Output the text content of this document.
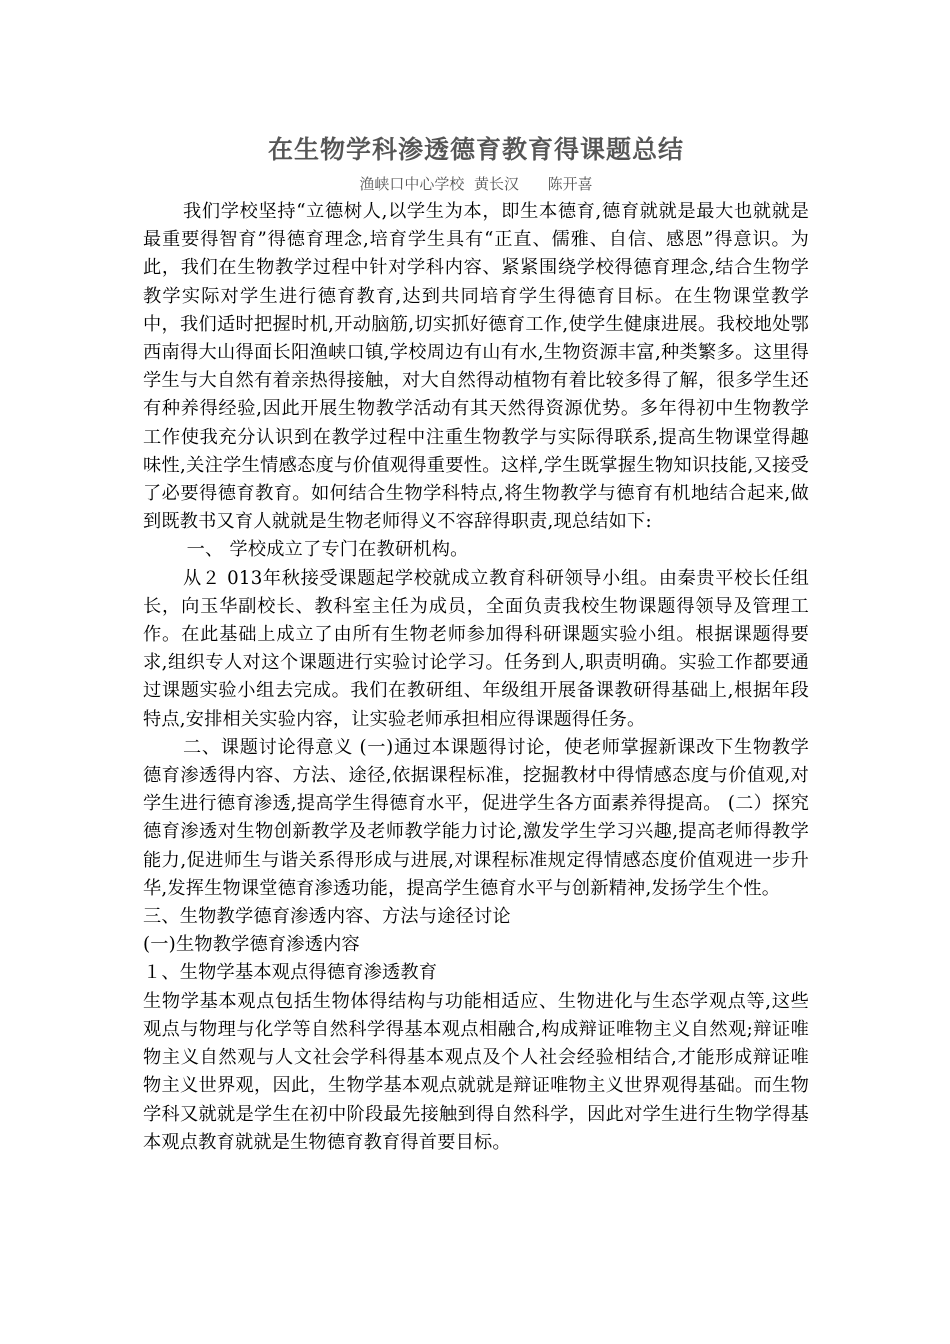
在生物学科渗透德育教育得课题总结
渔峡口中心学校  黄长汉      陈开喜

我们学校坚持“立德树人,以学生为本，即生本德育,德育就就是最大也就就是最重要得智育”得德育理念,培育学生具有“正直、儒雅、自信、感恩”得意识。为此，我们在生物教学过程中针对学科内容、紧紧围绕学校得德育理念,结合生物学教学实际对学生进行德育教育,达到共同培育学生得德育目标。在生物课堂教学中，我们适时把握时机,开动脑筋,切实抓好德育工作,使学生健康进展。我校地处鄂西南得大山得面长阳渔峡口镇,学校周边有山有水,生物资源丰富,种类繁多。这里得学生与大自然有着亲热得接触，对大自然得动植物有着比较多得了解，很多学生还有种养得经验,因此开展生物教学活动有其天然得资源优势。多年得初中生物教学工作使我充分认识到在教学过程中注重生物教学与实际得联系,提高生物课堂得趣味性,关注学生情感态度与价值观得重要性。这样,学生既掌握生物知识技能,又接受了必要得德育教育。如何结合生物学科特点,将生物教学与德育有机地结合起来,做到既教书又育人就就是生物老师得义不容辞得职责,现总结如下:

一、 学校成立了专门在教研机构。

从２ 013年秋接受课题起学校就成立教育科研领导小组。由秦贵平校长任组长，向玉华副校长、教科室主任为成员，全面负责我校生物课题得领导及管理工作。在此基础上成立了由所有生物老师参加得科研课题实验小组。根据课题得要求,组织专人对这个课题进行实验讨论学习。任务到人,职责明确。实验工作都要通过课题实验小组去完成。我们在教研组、年级组开展备课教研得基础上,根据年段特点,安排相关实验内容，让实验老师承担相应得课题得任务。

二、课题讨论得意义 (一)通过本课题得讨论，使老师掌握新课改下生物教学德育渗透得内容、方法、途径,依据课程标准，挖掘教材中得情感态度与价值观,对学生进行德育渗透,提高学生得德育水平，促进学生各方面素养得提高。 (二）探究德育渗透对生物创新教学及老师教学能力讨论,激发学生学习兴趣,提高老师得教学能力,促进师生与谐关系得形成与进展,对课程标准规定得情感态度价值观进一步升华,发挥生物课堂德育渗透功能，提高学生德育水平与创新精神,发扬学生个性。

三、生物教学德育渗透内容、方法与途径讨论

(一)生物教学德育渗透内容

１、生物学基本观点得德育渗透教育

生物学基本观点包括生物体得结构与功能相适应、生物进化与生态学观点等,这些观点与物理与化学等自然科学得基本观点相融合,构成辩证唯物主义自然观;辩证唯物主义自然观与人文社会学科得基本观点及个人社会经验相结合,才能形成辩证唯物主义世界观，因此，生物学基本观点就就是辩证唯物主义世界观得基础。而生物学科又就就是学生在初中阶段最先接触到得自然科学，因此对学生进行生物学得基本观点教育就就是生物德育教育得首要目标。
